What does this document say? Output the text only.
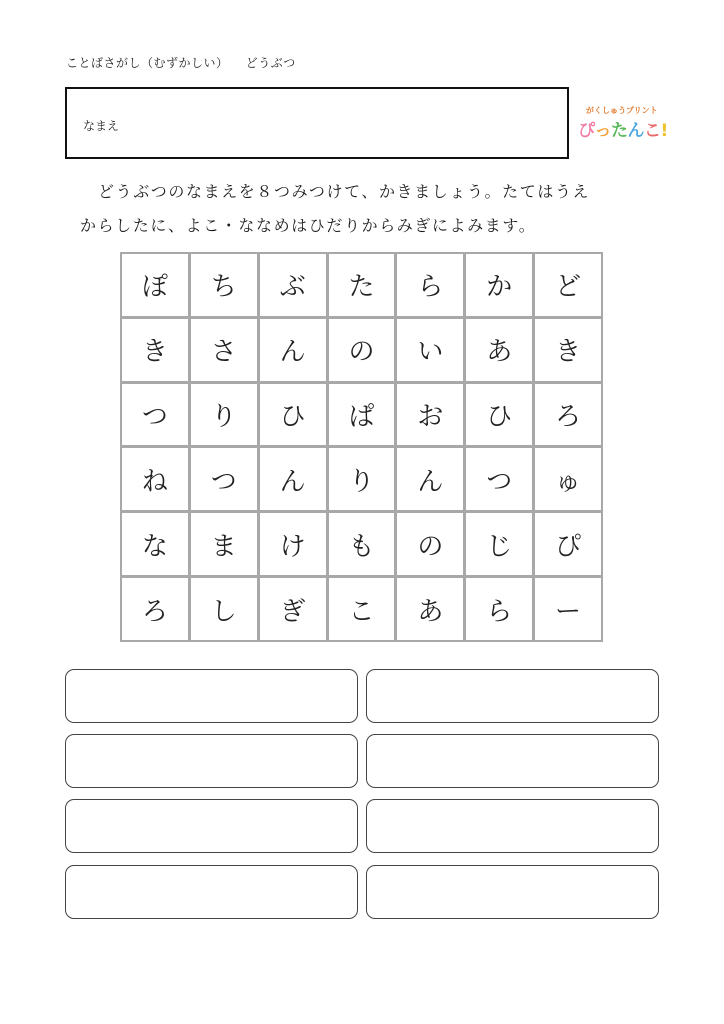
ことばさがし（むずかしい） どうぶつ
なまえ
がくしゅうプリント
ぴったんこ!
どうぶつのなまえを８つみつけて、かきましょう。たてはうえ
からしたに、よこ・ななめはひだりからみぎによみます。
ぽ	ち	ぶ	た	ら	か	ど
き	さ	ん	の	い	あ	き
つ	り	ひ	ぱ	お	ひ	ろ
ね	つ	ん	り	ん	つ	ゅ
な	ま	け	も	の	じ	ぴ
ろ	し	ぎ	こ	あ	ら	ー
